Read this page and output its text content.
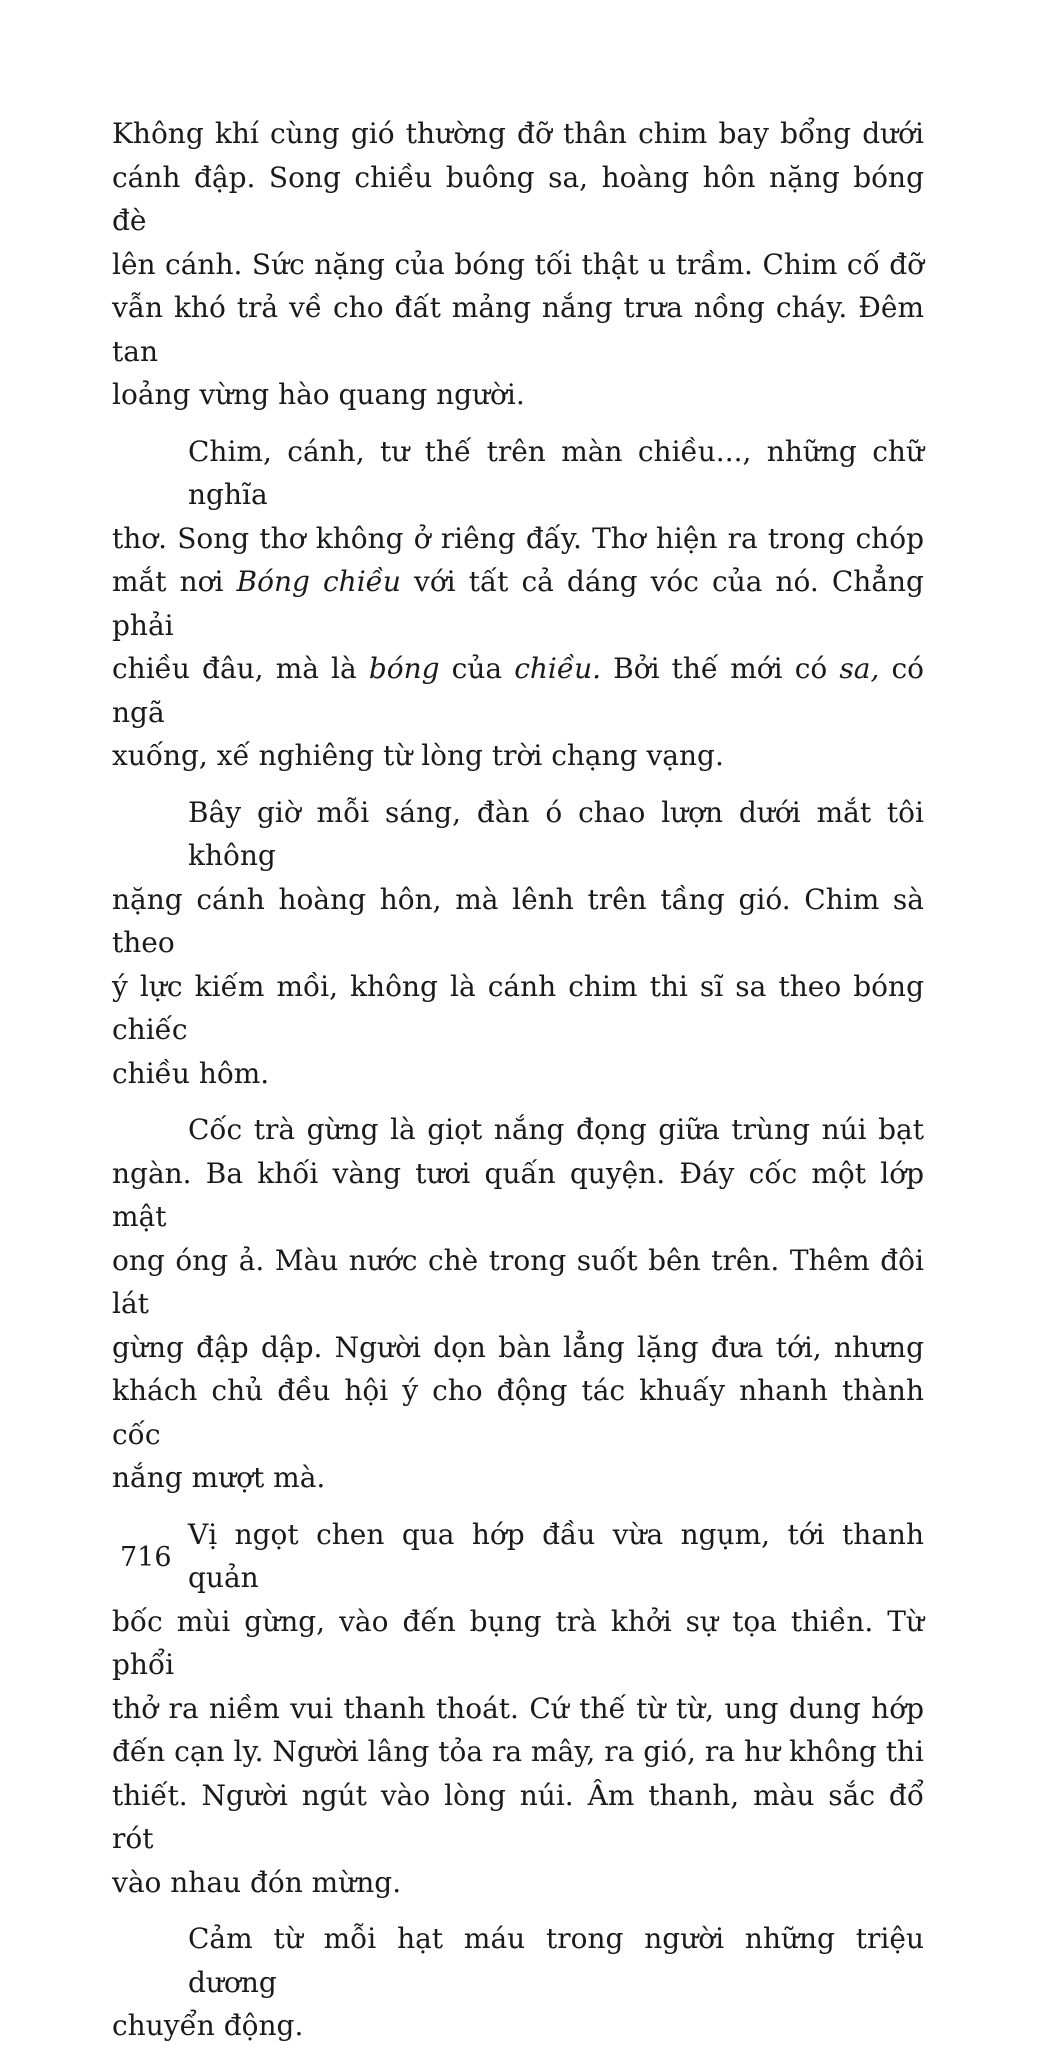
Không khí cùng gió thường đỡ thân chim bay bổng dưới
cánh đập. Song chiều buông sa, hoàng hôn nặng bóng đè
lên cánh. Sức nặng của bóng tối thật u trầm. Chim cố đỡ
vẫn khó trả về cho đất mảng nắng trưa nồng cháy. Đêm tan
loảng vừng hào quang người.

Chim, cánh, tư thế trên màn chiều..., những chữ nghĩa
thơ. Song thơ không ở riêng đấy. Thơ hiện ra trong chóp
mắt nơi Bóng chiều với tất cả dáng vóc của nó. Chẳng phải
chiều đâu, mà là bóng của chiều. Bởi thế mới có sa, có ngã
xuống, xế nghiêng từ lòng trời chạng vạng.

Bây giờ mỗi sáng, đàn ó chao lượn dưới mắt tôi không
nặng cánh hoàng hôn, mà lênh trên tầng gió. Chim sà theo
ý lực kiếm mồi, không là cánh chim thi sĩ sa theo bóng chiếc
chiều hôm.

Cốc trà gừng là giọt nắng đọng giữa trùng núi bạt
ngàn. Ba khối vàng tươi quấn quyện. Đáy cốc một lớp mật
ong óng ả. Màu nước chè trong suốt bên trên. Thêm đôi lát
gừng đập dập. Người dọn bàn lẳng lặng đưa tới, nhưng
khách chủ đều hội ý cho động tác khuấy nhanh thành cốc
nắng mượt mà.

Vị ngọt chen qua hớp đầu vừa ngụm, tới thanh quản
bốc mùi gừng, vào đến bụng trà khởi sự tọa thiền. Từ phổi
thở ra niềm vui thanh thoát. Cứ thế từ từ, ung dung hớp
đến cạn ly. Người lâng tỏa ra mây, ra gió, ra hư không thi
thiết. Người ngút vào lòng núi. Âm thanh, màu sắc đổ rót
vào nhau đón mừng.

Cảm từ mỗi hạt máu trong người những triệu dương
chuyển động.

716
